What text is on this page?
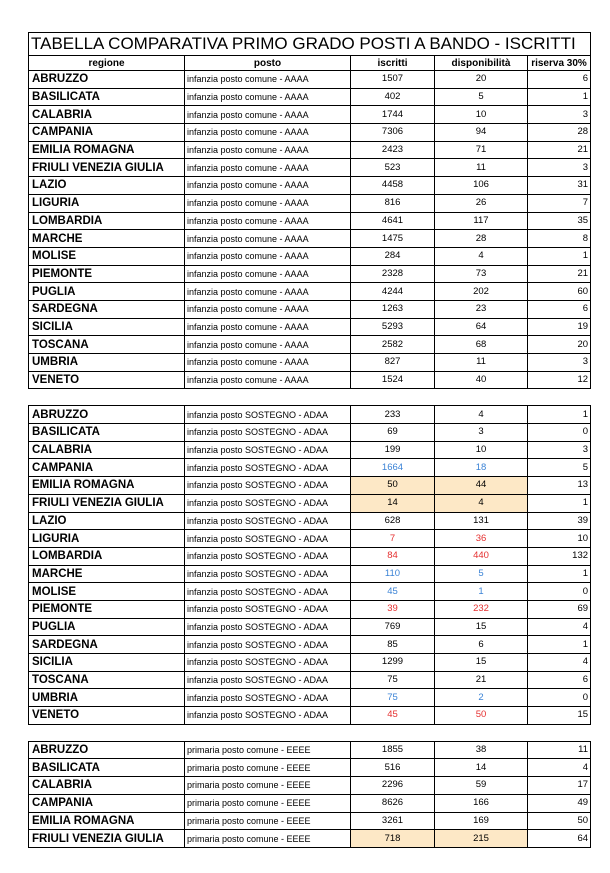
TABELLA COMPARATIVA PRIMO GRADO POSTI A BANDO - ISCRITTI				
regione	posto	iscritti	disponibilità	riserva 30%
ABRUZZO	infanzia posto comune - AAAA	1507	20	6
BASILICATA	infanzia posto comune - AAAA	402	5	1
CALABRIA	infanzia posto comune - AAAA	1744	10	3
CAMPANIA	infanzia posto comune - AAAA	7306	94	28
EMILIA ROMAGNA	infanzia posto comune - AAAA	2423	71	21
FRIULI VENEZIA GIULIA	infanzia posto comune - AAAA	523	11	3
LAZIO	infanzia posto comune - AAAA	4458	106	31
LIGURIA	infanzia posto comune - AAAA	816	26	7
LOMBARDIA	infanzia posto comune - AAAA	4641	117	35
MARCHE	infanzia posto comune - AAAA	1475	28	8
MOLISE	infanzia posto comune - AAAA	284	4	1
PIEMONTE	infanzia posto comune - AAAA	2328	73	21
PUGLIA	infanzia posto comune - AAAA	4244	202	60
SARDEGNA	infanzia posto comune - AAAA	1263	23	6
SICILIA	infanzia posto comune - AAAA	5293	64	19
TOSCANA	infanzia posto comune - AAAA	2582	68	20
UMBRIA	infanzia posto comune - AAAA	827	11	3
VENETO	infanzia posto comune - AAAA	1524	40	12

ABRUZZO	infanzia posto SOSTEGNO - ADAA	233	4	1
BASILICATA	infanzia posto SOSTEGNO - ADAA	69	3	0
CALABRIA	infanzia posto SOSTEGNO - ADAA	199	10	3
CAMPANIA	infanzia posto SOSTEGNO - ADAA	1664	18	5
EMILIA ROMAGNA	infanzia posto SOSTEGNO - ADAA	50	44	13
FRIULI VENEZIA GIULIA	infanzia posto SOSTEGNO - ADAA	14	4	1
LAZIO	infanzia posto SOSTEGNO - ADAA	628	131	39
LIGURIA	infanzia posto SOSTEGNO - ADAA	7	36	10
LOMBARDIA	infanzia posto SOSTEGNO - ADAA	84	440	132
MARCHE	infanzia posto SOSTEGNO - ADAA	110	5	1
MOLISE	infanzia posto SOSTEGNO - ADAA	45	1	0
PIEMONTE	infanzia posto SOSTEGNO - ADAA	39	232	69
PUGLIA	infanzia posto SOSTEGNO - ADAA	769	15	4
SARDEGNA	infanzia posto SOSTEGNO - ADAA	85	6	1
SICILIA	infanzia posto SOSTEGNO - ADAA	1299	15	4
TOSCANA	infanzia posto SOSTEGNO - ADAA	75	21	6
UMBRIA	infanzia posto SOSTEGNO - ADAA	75	2	0
VENETO	infanzia posto SOSTEGNO - ADAA	45	50	15

ABRUZZO	primaria posto comune - EEEE	1855	38	11
BASILICATA	primaria posto comune - EEEE	516	14	4
CALABRIA	primaria posto comune - EEEE	2296	59	17
CAMPANIA	primaria posto comune - EEEE	8626	166	49
EMILIA ROMAGNA	primaria posto comune - EEEE	3261	169	50
FRIULI VENEZIA GIULIA	primaria posto comune - EEEE	718	215	64
